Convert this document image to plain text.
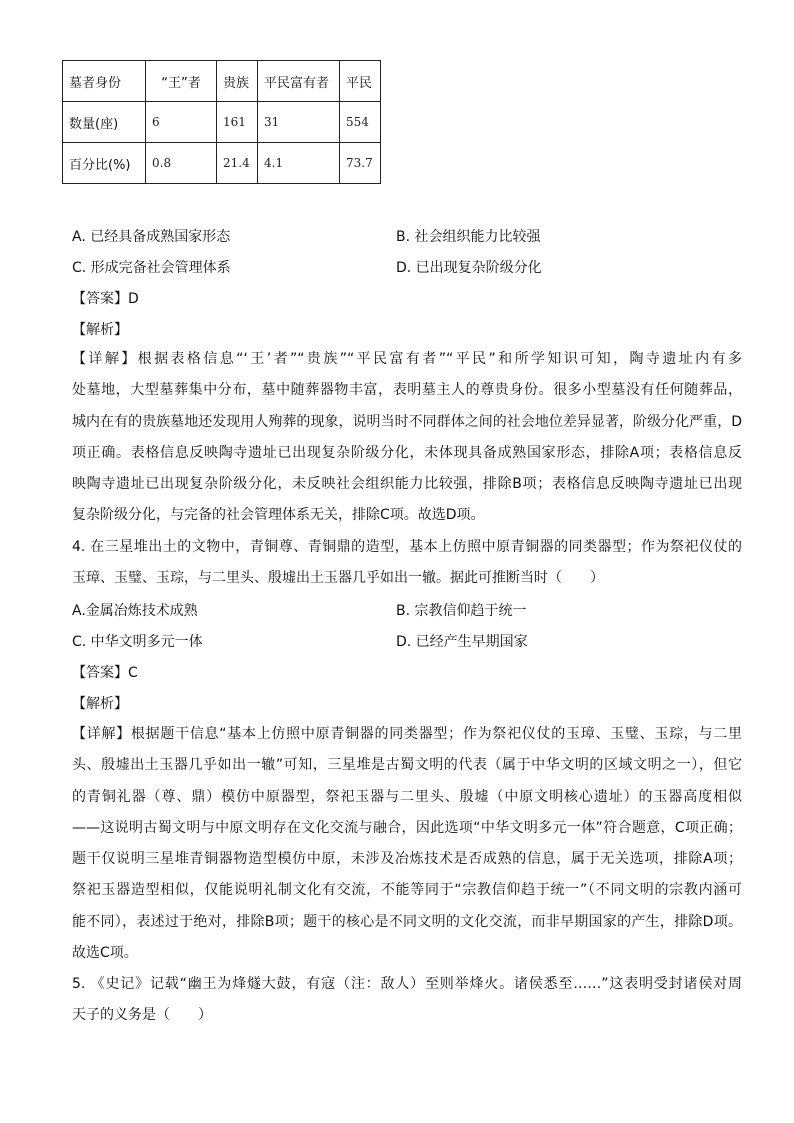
墓者身份	“王”者	贵族	平民富有者	平民
数量(座)	6	161	31	554
百分比(%)	0.8	21.4	4.1	73.7
A. 已经具备成熟国家形态	B. 社会组织能力比较强
C. 形成完备社会管理体系	D. 已出现复杂阶级分化
【答案】D
【解析】

【详解】根据表格信息“‘王’者”“贵族”“平民富有者”“平民”和所学知识可知，陶寺遗址内有多

处墓地，大型墓葬集中分布，墓中随葬器物丰富，表明墓主人的尊贵身份。很多小型墓没有任何随葬品，

城内在有的贵族墓地还发现用人殉葬的现象，说明当时不同群体之间的社会地位差异显著，阶级分化严重，D

项正确。表格信息反映陶寺遗址已出现复杂阶级分化，未体现具备成熟国家形态，排除A项；表格信息反

映陶寺遗址已出现复杂阶级分化，未反映社会组织能力比较强，排除B项；表格信息反映陶寺遗址已出现

复杂阶级分化，与完备的社会管理体系无关，排除C项。故选D项。

4. 在三星堆出土的文物中，青铜尊、青铜鼎的造型，基本上仿照中原青铜器的同类器型；作为祭祀仪仗的

玉璋、玉璧、玉琮，与二里头、殷墟出土玉器几乎如出一辙。据此可推断当时（　　）

A.金属冶炼技术成熟	B. 宗教信仰趋于统一
C. 中华文明多元一体	D. 已经产生早期国家
【答案】C
【解析】

【详解】根据题干信息“基本上仿照中原青铜器的同类器型；作为祭祀仪仗的玉璋、玉璧、玉琮，与二里

头、殷墟出土玉器几乎如出一辙”可知，三星堆是古蜀文明的代表（属于中华文明的区域文明之一），但它

的青铜礼器（尊、鼎）模仿中原器型，祭祀玉器与二里头、殷墟（中原文明核心遗址）的玉器高度相似

——这说明古蜀文明与中原文明存在文化交流与融合，因此选项“中华文明多元一体”符合题意，C项正确；

题干仅说明三星堆青铜器物造型模仿中原，未涉及冶炼技术是否成熟的信息，属于无关选项，排除A项；

祭祀玉器造型相似，仅能说明礼制文化有交流，不能等同于“宗教信仰趋于统一”（不同文明的宗教内涵可

能不同），表述过于绝对，排除B项；题干的核心是不同文明的文化交流，而非早期国家的产生，排除D项。

故选C项。

5. 《史记》记载“幽王为烽燧大鼓，有寇（注：敌人）至则举烽火。诸侯悉至……”这表明受封诸侯对周

天子的义务是（　　）
